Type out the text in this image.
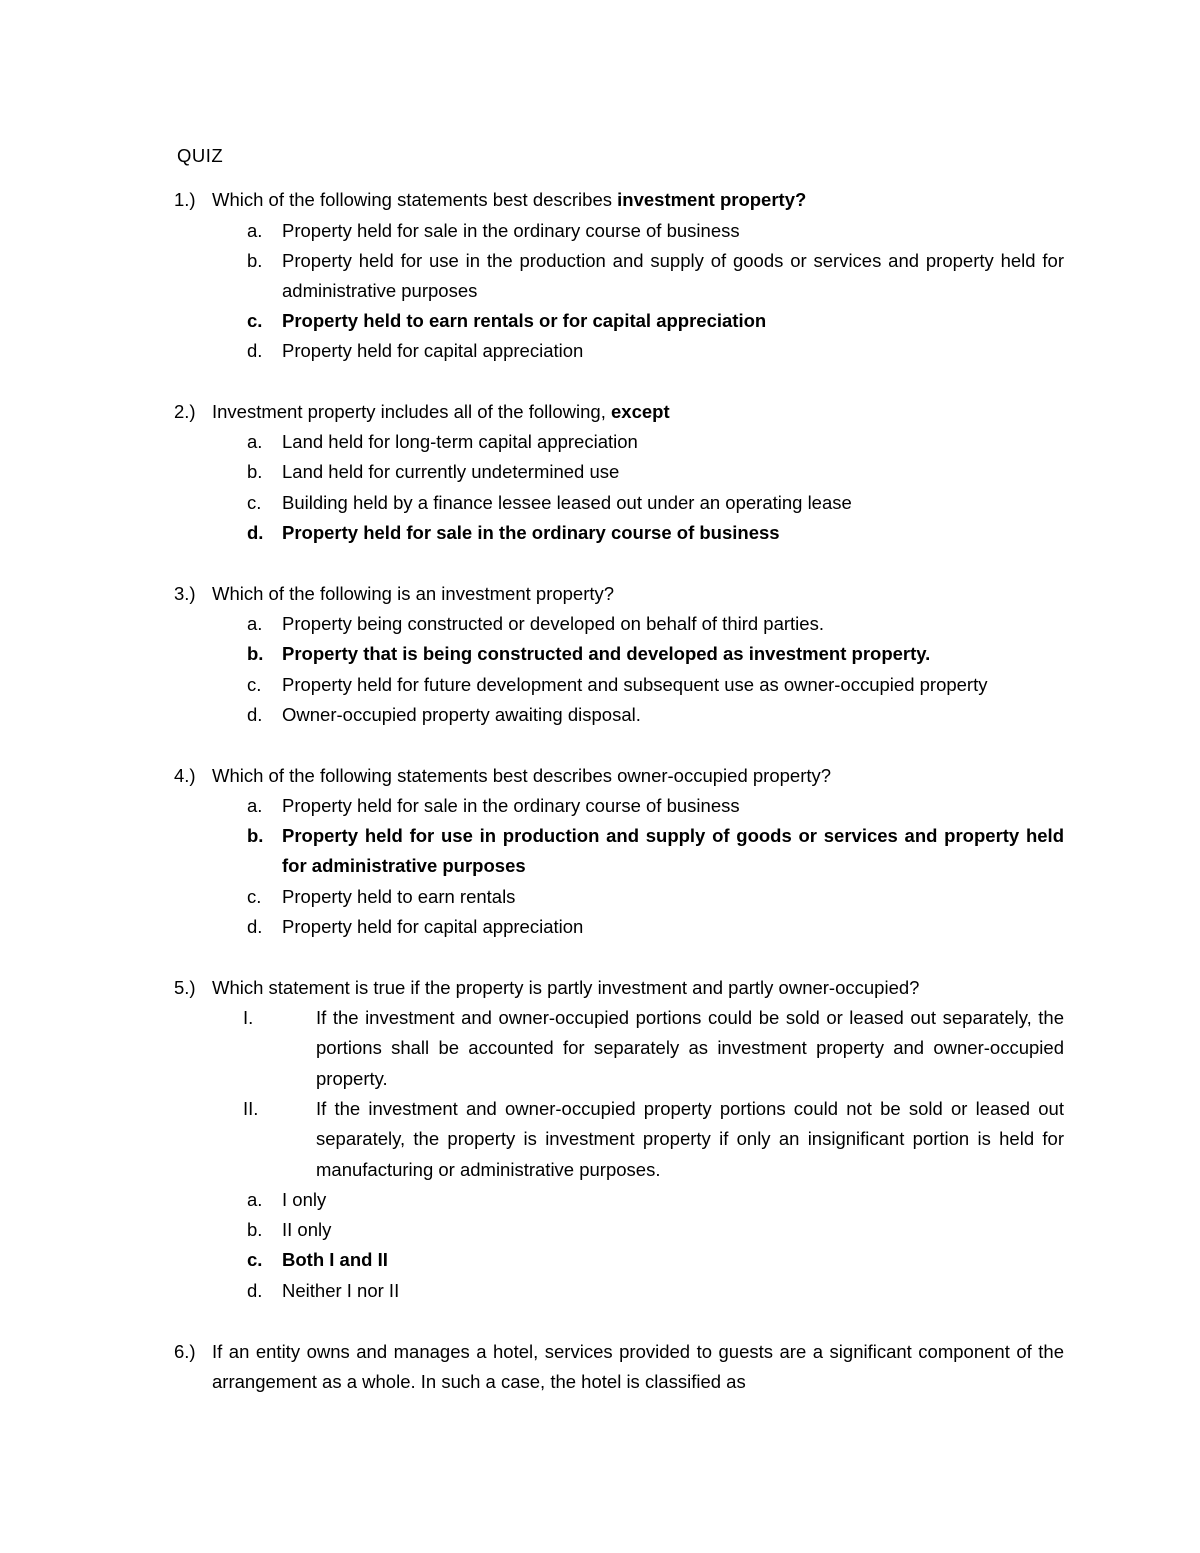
QUIZ
1.) Which of the following statements best describes investment property?
a. Property held for sale in the ordinary course of business
b. Property held for use in the production and supply of goods or services and property held for administrative purposes
c. Property held to earn rentals or for capital appreciation
d. Property held for capital appreciation
2.) Investment property includes all of the following, except
a. Land held for long-term capital appreciation
b. Land held for currently undetermined use
c. Building held by a finance lessee leased out under an operating lease
d. Property held for sale in the ordinary course of business
3.) Which of the following is an investment property?
a. Property being constructed or developed on behalf of third parties.
b. Property that is being constructed and developed as investment property.
c. Property held for future development and subsequent use as owner-occupied property
d. Owner-occupied property awaiting disposal.
4.) Which of the following statements best describes owner-occupied property?
a. Property held for sale in the ordinary course of business
b. Property held for use in production and supply of goods or services and property held for administrative purposes
c. Property held to earn rentals
d. Property held for capital appreciation
5.) Which statement is true if the property is partly investment and partly owner-occupied?
I.	If the investment and owner-occupied portions could be sold or leased out separately, the portions shall be accounted for separately as investment property and owner-occupied property.
II.	If the investment and owner-occupied property portions could not be sold or leased out separately, the property is investment property if only an insignificant portion is held for manufacturing or administrative purposes.
a. I only
b. II only
c. Both I and II
d. Neither I nor II
6.) If an entity owns and manages a hotel, services provided to guests are a significant component of the arrangement as a whole. In such a case, the hotel is classified as
